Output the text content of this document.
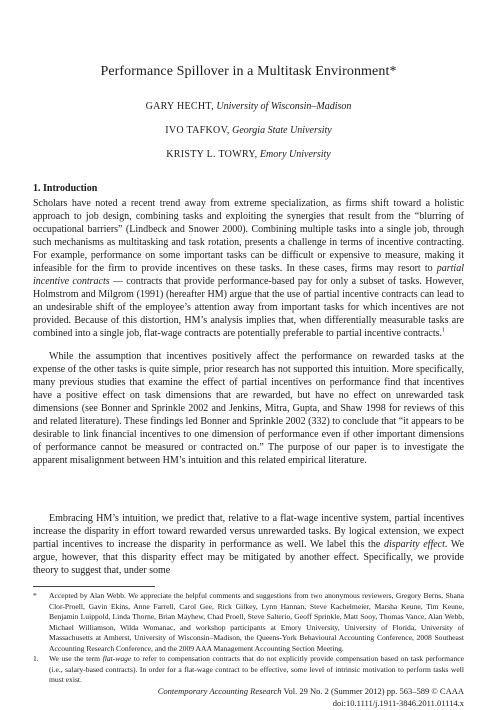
Performance Spillover in a Multitask Environment*
GARY HECHT, University of Wisconsin–Madison
IVO TAFKOV, Georgia State University
KRISTY L. TOWRY, Emory University
1. Introduction

Scholars have noted a recent trend away from extreme specialization, as firms shift toward a holistic approach to job design, combining tasks and exploiting the synergies that result from the “blurring of occupational barriers” (Lindbeck and Snower 2000). Combining multiple tasks into a single job, through such mechanisms as multitasking and task rotation, presents a challenge in terms of incentive contracting. For example, performance on some important tasks can be difficult or expensive to measure, making it infeasible for the firm to provide incentives on these tasks. In these cases, firms may resort to partial incentive contracts — contracts that provide performance-based pay for only a subset of tasks. However, Holmstrom and Milgrom (1991) (hereafter HM) argue that the use of partial incentive contracts can lead to an undesirable shift of the employee’s attention away from important tasks for which incentives are not provided. Because of this distortion, HM’s analysis implies that, when differentially measurable tasks are combined into a single job, flat-wage contracts are potentially preferable to partial incentive contracts.$^1$

While the assumption that incentives positively affect the performance on rewarded tasks at the expense of the other tasks is quite simple, prior research has not supported this intuition. More specifically, many previous studies that examine the effect of partial incentives on performance find that incentives have a positive effect on task dimensions that are rewarded, but have no effect on unrewarded task dimensions (see Bonner and Sprinkle 2002 and Jenkins, Mitra, Gupta, and Shaw 1998 for reviews of this and related literature). These findings led Bonner and Sprinkle 2002 (332) to conclude that “it appears to be desirable to link financial incentives to one dimension of performance even if other important dimensions of performance cannot be measured or contracted on.” The purpose of our paper is to investigate the apparent misalignment between HM’s intuition and this related empirical literature.

Embracing HM’s intuition, we predict that, relative to a flat-wage incentive system, partial incentives increase the disparity in effort toward rewarded versus unrewarded tasks. By logical extension, we expect partial incentives to increase the disparity in performance as well. We label this the disparity effect. We argue, however, that this disparity effect may be mitigated by another effect. Specifically, we provide theory to suggest that, under some

* Accepted by Alan Webb. We appreciate the helpful comments and suggestions from two anonymous reviewers, Gregory Berns, Shana Clor-Proell, Gavin Ekins, Anne Farrell, Carol Gee, Rick Gilkey, Lynn Hannan, Steve Kachelmeier, Marsha Keune, Tim Keune, Benjamin Luippold, Linda Thorne, Brian Mayhew, Chad Proell, Steve Salterio, Geoff Sprinkle, Matt Sooy, Thomas Vance, Alan Webb, Michael Williamson, Wilda Womanac, and workshop participants at Emory University, University of Florida, University of Massachusetts at Amherst, University of Wisconsin–Madison, the Queens-York Behavioural Accounting Conference, 2008 Southeast Accounting Research Conference, and the 2009 AAA Management Accounting Section Meeting.
1. We use the term flat-wage to refer to compensation contracts that do not explicitly provide compensation based on task performance (i.e., salary-based contracts). In order for a flat-wage contract to be effective, some level of intrinsic motivation to perform tasks well must exist.
Contemporary Accounting Research Vol. 29 No. 2 (Summer 2012) pp. 563–589 © CAAA
doi:10.1111/j.1911-3846.2011.01114.x
